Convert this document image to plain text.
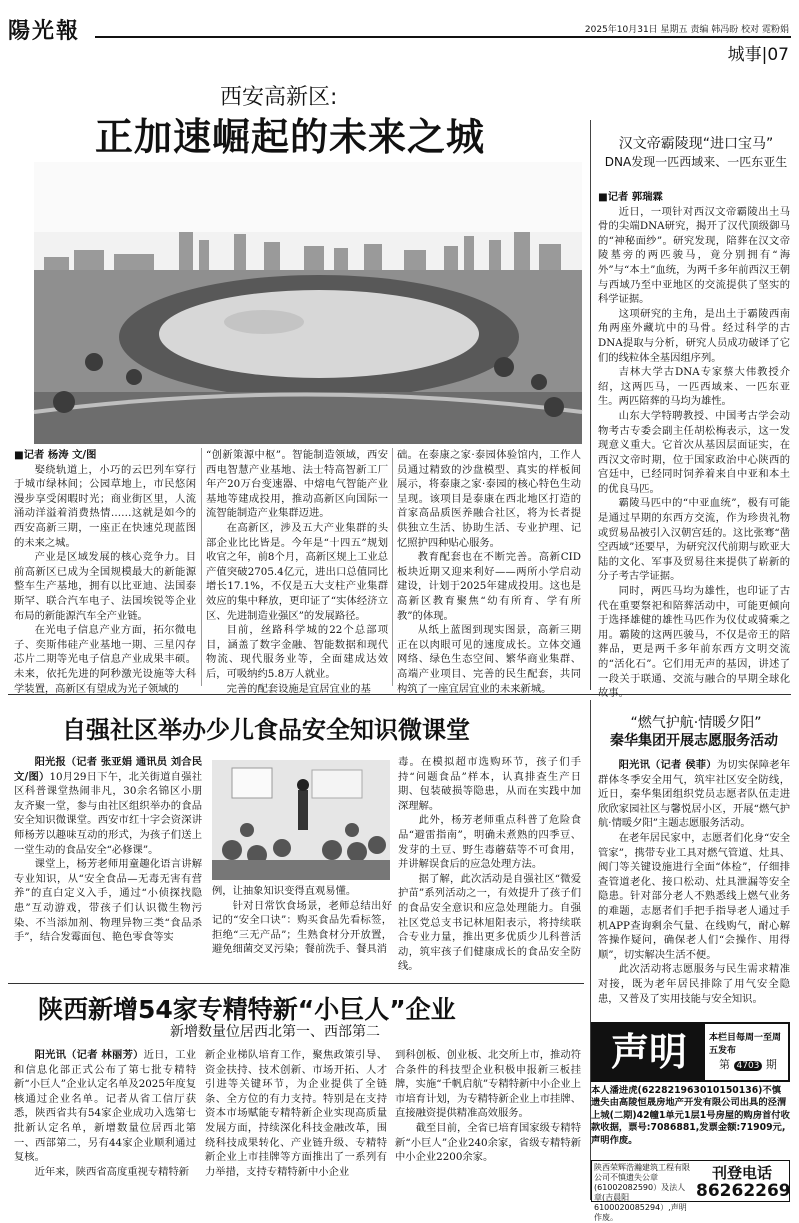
陽光報	2025年10月31日 星期五 责编 韩冯盼 校对 霓粉娟
城事|07
西安高新区:
正加速崛起的未来之城
■记者 杨涛 文/图

娶绕轨道上，小巧的云巴列车穿行于城市绿林间；公园草地上，市民悠闲漫步享受闲暇时光；商业街区里，人流涌动洋溢着消费热情……这就是如今的西安高新三期，一座正在快速兑现蓝图的未来之城。

产业是区域发展的核心竞争力。目前高新区已成为全国规模最大的新能源整车生产基地，拥有以比亚迪、法国泰斯罕、联合汽车电子、法国埃锐等企业布局的新能源汽车全产业链。

在光电子信息产业方面，拓尔微电子、奕斯伟硅产业基地一期、三星闪存芯片二期等光电子信息产业成果丰硕。未来，依托先进的阿秒激光设施等大科学装置，高新区有望成为光子领域的

“创新策源中枢”。智能制造领域，西安西电智慧产业基地、法士特高智新工厂年产20万台变速器、中熔电气智能产业基地等建成投用，推动高新区向国际一流智能制造产业集群迈进。

在高新区，涉及五大产业集群的头部企业比比皆是。今年是“十四五”规划收官之年，前8个月，高新区规上工业总产值突破2705.4亿元，进出口总值同比增长17.1%，不仅是五大支柱产业集群效应的集中释放，更印证了“实体经济立区、先进制造业强区”的发展路径。

目前，丝路科学城的22个总部项目，涵盖了数字金融、智能数据和现代物流、现代服务业等，全面建成达效后，可吸纳约5.8万人就业。

完善的配套设施是宜居宜业的基

础。在泰康之家·泰园体验馆内，工作人员通过精致的沙盘模型、真实的样板间展示，将泰康之家·泰园的核心特色生动呈现。该项目是泰康在西北地区打造的首家高品质医养融合社区，将为长者提供独立生活、协助生活、专业护理、记忆照护四种贴心服务。

教育配套也在不断完善。高新CID板块近期又迎来利好——两所小学启动建设，计划于2025年建成投用。这也是高新区教育聚焦“幼有所育、学有所教”的体现。

从纸上蓝图到现实图景，高新三期正在以肉眼可见的速度成长。立体交通网络、绿色生态空间、繁华商业集群、高端产业项目、完善的民生配套，共同构筑了一座宜居宜业的未来新城。

汉文帝霸陵现“进口宝马”
DNA发现一匹西域来、一匹东亚生
■记者 郭瑞霖

近日，一项针对西汉文帝霸陵出土马骨的尖端DNA研究，揭开了汉代顶级御马的“神秘面纱”。研究发现，陪葬在汉文帝陵墓旁的两匹骏马，竟分别拥有“海外”与“本土”血统，为两千多年前西汉王朝与西域乃至中亚地区的交流提供了坚实的科学证据。

这项研究的主角，是出土于霸陵西南角两座外藏坑中的马骨。经过科学的古DNA提取与分析，研究人员成功破译了它们的线粒体全基因组序列。

吉林大学古DNA专家蔡大伟教授介绍，这两匹马，一匹西域来、一匹东亚生。两匹陪葬的马均为雄性。

山东大学特聘教授、中国考古学会动物考古专委会副主任胡松梅表示，这一发现意义重大。它首次从基因层面证实，在西汉文帝时期，位于国家政治中心陕西的宫廷中，已经同时饲养着来自中亚和本土的优良马匹。

霸陵马匹中的“中亚血统”，极有可能是通过早期的东西方交流，作为珍贵礼物或贸易品被引入汉朝宫廷的。这比张骞“凿空西域”还要早，为研究汉代前期与欧亚大陆的文化、军事及贸易往来提供了崭新的分子考古学证据。

同时，两匹马均为雄性，也印证了古代在重要祭祀和陪葬活动中，可能更倾向于选择雄健的雄性马匹作为仪仗或骑乘之用。霸陵的这两匹骏马，不仅是帝王的陪葬品，更是两千多年前东西方文明交流的“活化石”。它们用无声的基因，讲述了一段关于联通、交流与融合的早期全球化

自强社区举办少儿食品安全知识微课堂

阳光报（记者 张亚娟 通讯员 刘合民 文/图）10月29日下午，北关街道自强社区科普课堂热闹非凡，30余名锦区小朋友齐聚一堂，参与由社区组织举办的食品安全知识微课堂。西安市红十字会资深讲师杨芳以趣味互动的形式，为孩子们送上一堂生动的食品安全“必修课”。

课堂上，杨芳老师用童趣化语言讲解专业知识，从“安全食品—无毒无害有营养”的直白定义入手，通过“小侦探找隐患”互动游戏，带孩子们认识微生物污染、不当添加剂、物理异物三类“食品杀手”，结合发霉面包、艳色零食等实

例，让抽象知识变得直观易懂。

针对日常饮食场景，老师总结出好记的“安全口诀”：购买食品先看标签，拒绝“三无产品”；生熟食材分开放置，避免细菌交叉污染；餐前洗手、餐具消

毒。在模拟超市选购环节，孩子们手持“问题食品”样本，认真排查生产日期、包装破损等隐患，从而在实践中加深理解。

此外，杨芳老师重点科普了危险食品“避雷指南”，明确未煮熟的四季豆、发芽的土豆、野生毒蘑菇等不可食用，并讲解误食后的应急处理方法。

据了解，此次活动是自强社区“微爱护苗”系列活动之一，有效提升了孩子们的食品安全意识和应急处理能力。自强社区党总支书记林旭阳表示，将持续联合专业力量，推出更多优质少儿科普活动，筑牢孩子们健康成长的食品安全防线。

“燃气护航·情暖夕阳”
秦华集团开展志愿服务活动

阳光讯（记者 侯菲）为切实保障老年群体冬季安全用气，筑牢社区安全防线，近日，秦华集团组织党员志愿者队伍走进欣欣家园社区与馨悦居小区，开展“燃气护航·情暖夕阳”主题志愿服务活动。

在老年居民家中，志愿者们化身“安全管家”，携带专业工具对燃气管道、灶具、阀门等关键设施进行全面“体检”，仔细排查管道老化、接口松动、灶具泄漏等安全隐患。针对部分老人不熟悉线上燃气业务的难题，志愿者们手把手指导老人通过手机APP查询剩余气量、在线购气，耐心解答操作疑问，确保老人们“会操作、用得顺”，切实解决生活不便。

此次活动将志愿服务与民生需求精准对接，既为老年居民排除了用气安全隐患，又普及了实用技能与安全知识。

陕西新增54家专精特新“小巨人”企业
新增数量位居西北第一、西部第二

阳光讯（记者 林丽芳）近日，工业和信息化部正式公布了第七批专精特新“小巨人”企业认定名单及2025年度复核通过企业名单。记者从省工信厅获悉，陕西省共有54家企业成功入选第七批新认定名单，新增数量位居西北第一、西部第二，另有44家企业顺利通过复核。

近年来，陕西省高度重视专精特新

新企业梯队培育工作，聚焦政策引导、资金扶持、技术创新、市场开拓、人才引进等关键环节，为企业提供了全链条、全方位的有力支持。特别是在支持资本市场赋能专精特新企业实现高质量发展方面，持续深化科技金融改革，围绕科技成果转化、产业链升级、专精特新企业上市挂牌等方面推出了一系列有力举措，支持专精特新中小企业

到科创板、创业板、北交所上市，推动符合条件的科技型企业积极申报新三板挂牌，实施“千帆启航”专精特新中小企业上市培育计划，为专精特新企业上市挂牌、直接融资提供精准高效服务。

截至目前，全省已培育国家级专精特新“小巨人”企业240余家，省级专精特新中小企业2200余家。

声明	本栏目每周一至周五发布
第 4703 期
本人潘进虎(622821963010150136)不慎遗失由高陵恒晟房地产开发有限公司出具的泾渭上城(二期)42幢1单元1层1号房屋的购房首付收款收据，票号:7086881,发票金额:71909元,声明作废。
陕西荣辉浩瀚建筑工程有限公司不慎遗失公章(61002082590）及法人章(吉晨阳6100020085294）,声明作废。
刊登电话
86262269
